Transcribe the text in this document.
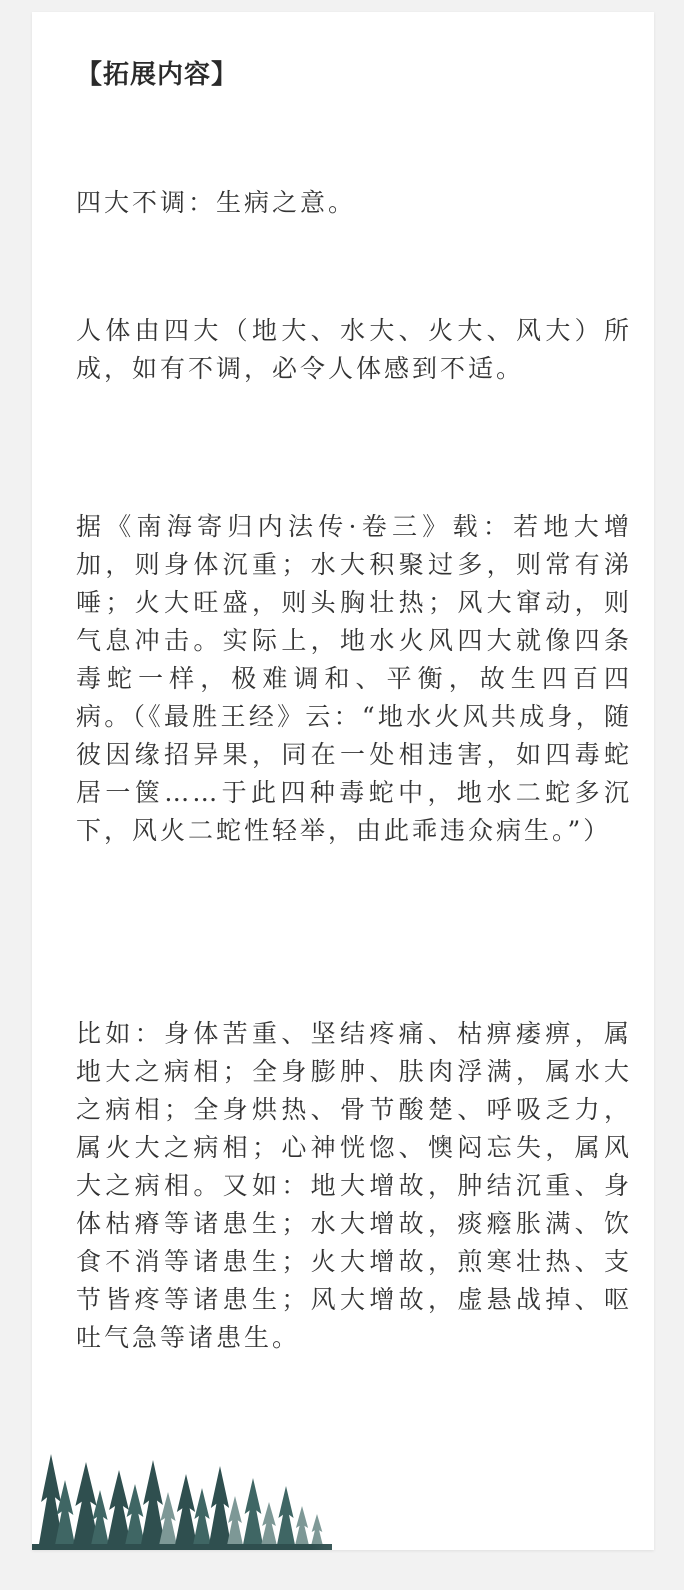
【拓展内容】

四大不调：生病之意。

人体由四大（地大、水大、火大、风大）所成，如有不调，必令人体感到不适。

据《南海寄归内法传·卷三》载：若地大增加，则身体沉重；水大积聚过多，则常有涕唾；火大旺盛，则头胸壮热；风大窜动，则气息冲击。实际上，地水火风四大就像四条毒蛇一样，极难调和、平衡，故生四百四病。（《最胜王经》云：“地水火风共成身，随彼因缘招异果，同在一处相违害，如四毒蛇居一箧……于此四种毒蛇中，地水二蛇多沉下，风火二蛇性轻举，由此乖违众病生。”）

比如：身体苦重、坚结疼痛、枯痹痿痹，属地大之病相；全身膨肿、肤肉浮满，属水大之病相；全身烘热、骨节酸楚、呼吸乏力，属火大之病相；心神恍惚、懊闷忘失，属风大之病相。又如：地大增故，肿结沉重、身体枯瘠等诸患生；水大增故，痰癊胀满、饮食不消等诸患生；火大增故，煎寒壮热、支节皆疼等诸患生；风大增故，虚悬战掉、呕吐气急等诸患生。
